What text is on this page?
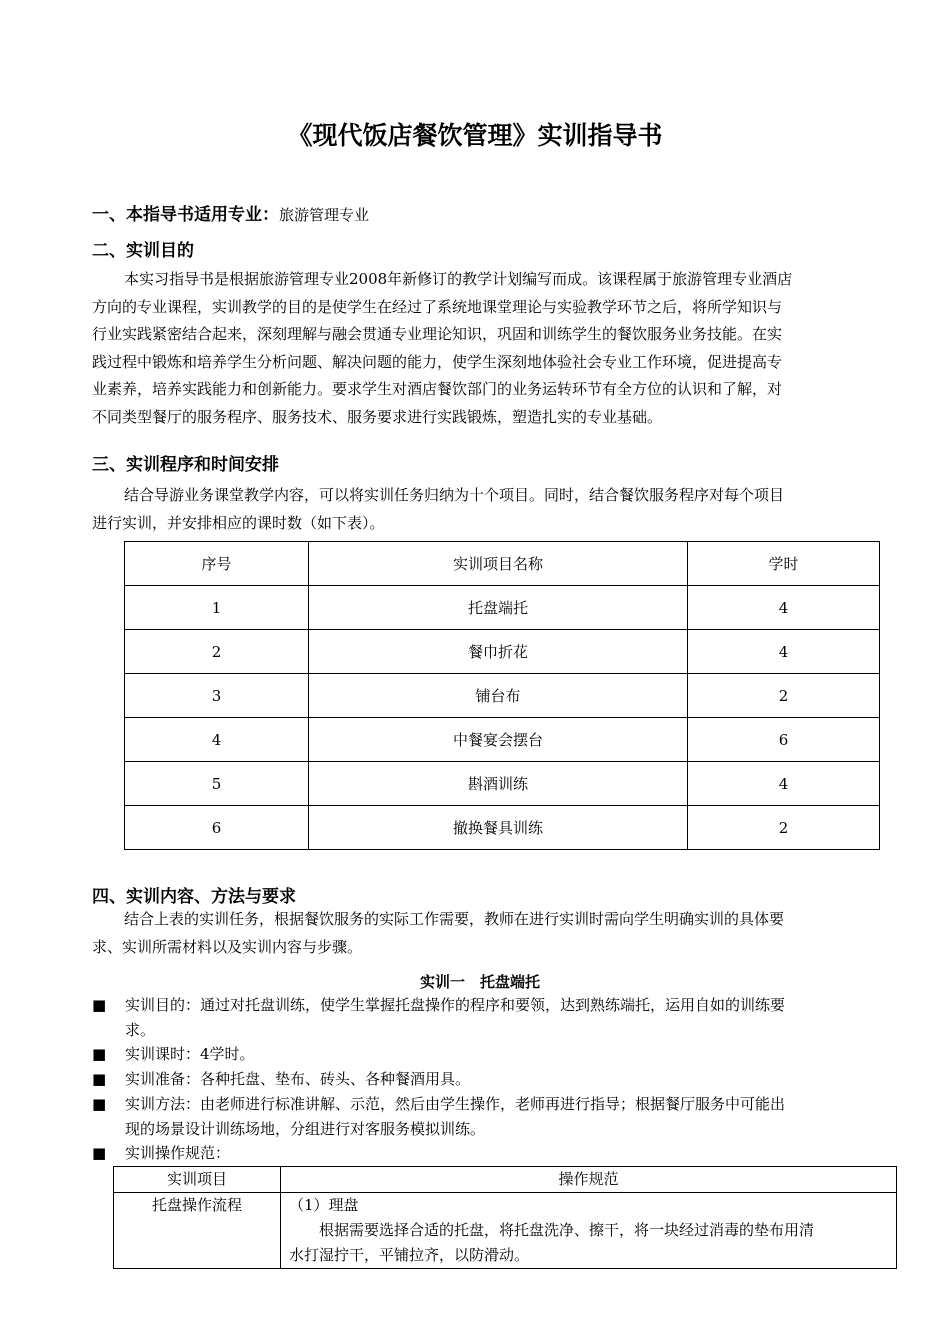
《现代饭店餐饮管理》实训指导书
一、本指导书适用专业：旅游管理专业
二、实训目的
本实习指导书是根据旅游管理专业2008年新修订的教学计划编写而成。该课程属于旅游管理专业酒店
方向的专业课程，实训教学的目的是使学生在经过了系统地课堂理论与实验教学环节之后，将所学知识与
行业实践紧密结合起来，深刻理解与融会贯通专业理论知识，巩固和训练学生的餐饮服务业务技能。在实
践过程中锻炼和培养学生分析问题、解决问题的能力，使学生深刻地体验社会专业工作环境，促进提高专
业素养，培养实践能力和创新能力。要求学生对酒店餐饮部门的业务运转环节有全方位的认识和了解，对
不同类型餐厅的服务程序、服务技术、服务要求进行实践锻炼，塑造扎实的专业基础。
三、实训程序和时间安排
结合导游业务课堂教学内容，可以将实训任务归纳为十个项目。同时，结合餐饮服务程序对每个项目
进行实训，并安排相应的课时数（如下表）。
序号	实训项目名称	学时
1	托盘端托	4
2	餐巾折花	4
3	铺台布	2
4	中餐宴会摆台	6
5	斟酒训练	4
6	撤换餐具训练	2
四、实训内容、方法与要求
结合上表的实训任务，根据餐饮服务的实际工作需要，教师在进行实训时需向学生明确实训的具体要
求、实训所需材料以及实训内容与步骤。
实训一　托盘端托
■ 实训目的：通过对托盘训练，使学生掌握托盘操作的程序和要领，达到熟练端托，运用自如的训练要
求。
■ 实训课时：4学时。
■ 实训准备：各种托盘、垫布、砖头、各种餐酒用具。
■ 实训方法：由老师进行标准讲解、示范，然后由学生操作，老师再进行指导；根据餐厅服务中可能出
现的场景设计训练场地，分组进行对客服务模拟训练。
■ 实训操作规范：
实训项目	操作规范
托盘操作流程	（1）理盘
根据需要选择合适的托盘，将托盘洗净、擦干，将一块经过消毒的垫布用清
水打湿拧干，平铺拉齐，以防滑动。
